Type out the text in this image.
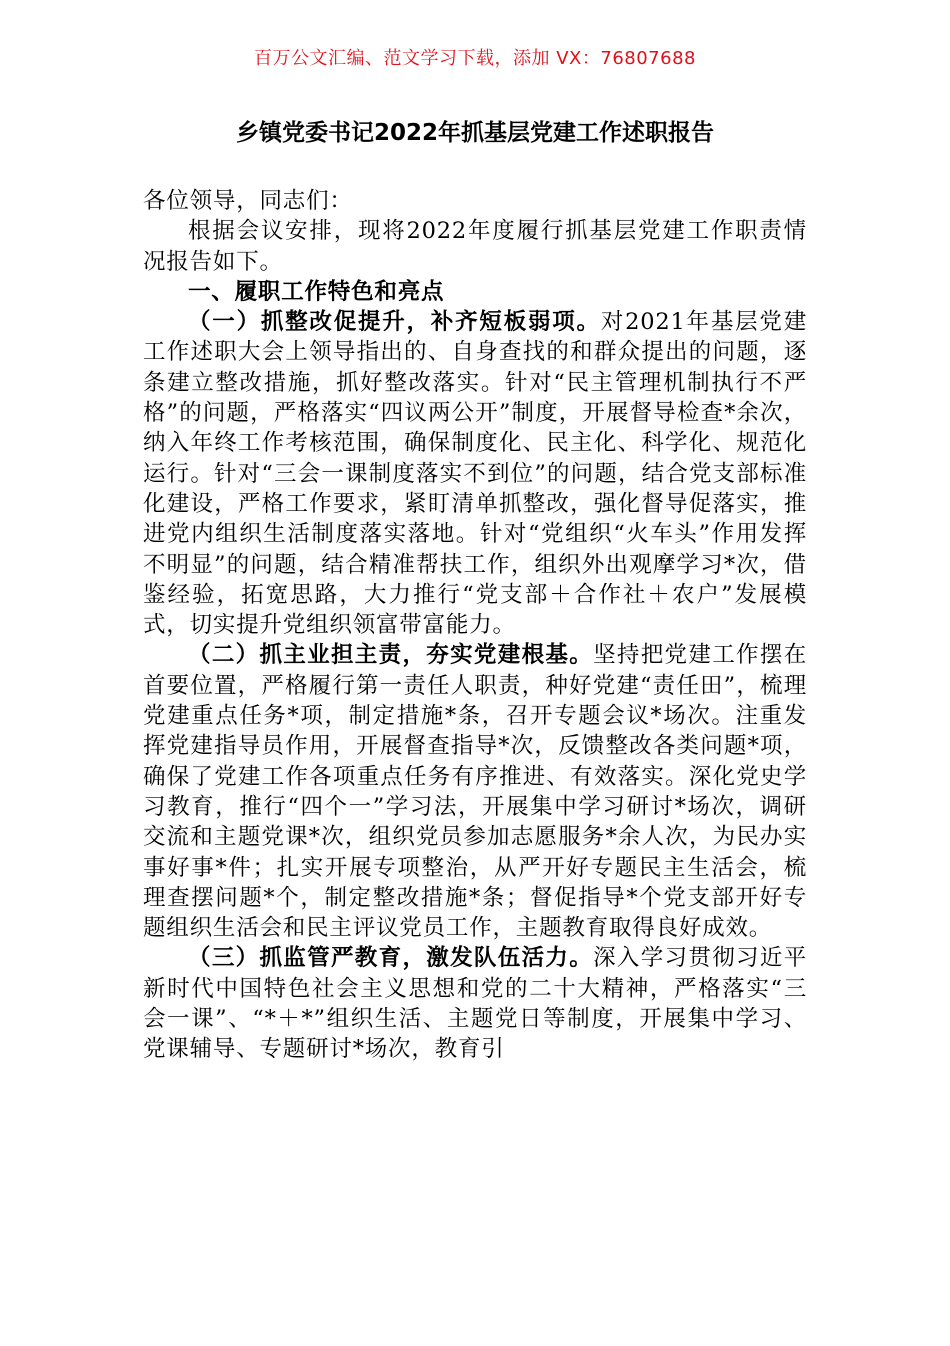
百万公文汇编、范文学习下载，添加 VX：76807688
乡镇党委书记2022年抓基层党建工作述职报告

各位领导，同志们：

根据会议安排，现将2022年度履行抓基层党建工作职责情况报告如下。

一、履职工作特色和亮点

（一）抓整改促提升，补齐短板弱项。对2021年基层党建工作述职大会上领导指出的、自身查找的和群众提出的问题，逐条建立整改措施，抓好整改落实。针对“民主管理机制执行不严格”的问题，严格落实“四议两公开”制度，开展督导检查*余次，纳入年终工作考核范围，确保制度化、民主化、科学化、规范化运行。针对“三会一课制度落实不到位”的问题，结合党支部标准化建设，严格工作要求，紧盯清单抓整改，强化督导促落实，推进党内组织生活制度落实落地。针对“党组织“火车头”作用发挥不明显”的问题，结合精准帮扶工作，组织外出观摩学习*次，借鉴经验，拓宽思路，大力推行“党支部＋合作社＋农户”发展模式，切实提升党组织领富带富能力。

（二）抓主业担主责，夯实党建根基。坚持把党建工作摆在首要位置，严格履行第一责任人职责，种好党建“责任田”，梳理党建重点任务*项，制定措施*条，召开专题会议*场次。注重发挥党建指导员作用，开展督查指导*次，反馈整改各类问题*项，确保了党建工作各项重点任务有序推进、有效落实。深化党史学习教育，推行“四个一”学习法，开展集中学习研讨*场次，调研交流和主题党课*次，组织党员参加志愿服务*余人次，为民办实事好事*件；扎实开展专项整治，从严开好专题民主生活会，梳理查摆问题*个，制定整改措施*条；督促指导*个党支部开好专题组织生活会和民主评议党员工作，主题教育取得良好成效。

（三）抓监管严教育，激发队伍活力。深入学习贯彻习近平新时代中国特色社会主义思想和党的二十大精神，严格落实“三会一课”、“*＋*”组织生活、主题党日等制度，开展集中学习、党课辅导、专题研讨*场次，教育引
